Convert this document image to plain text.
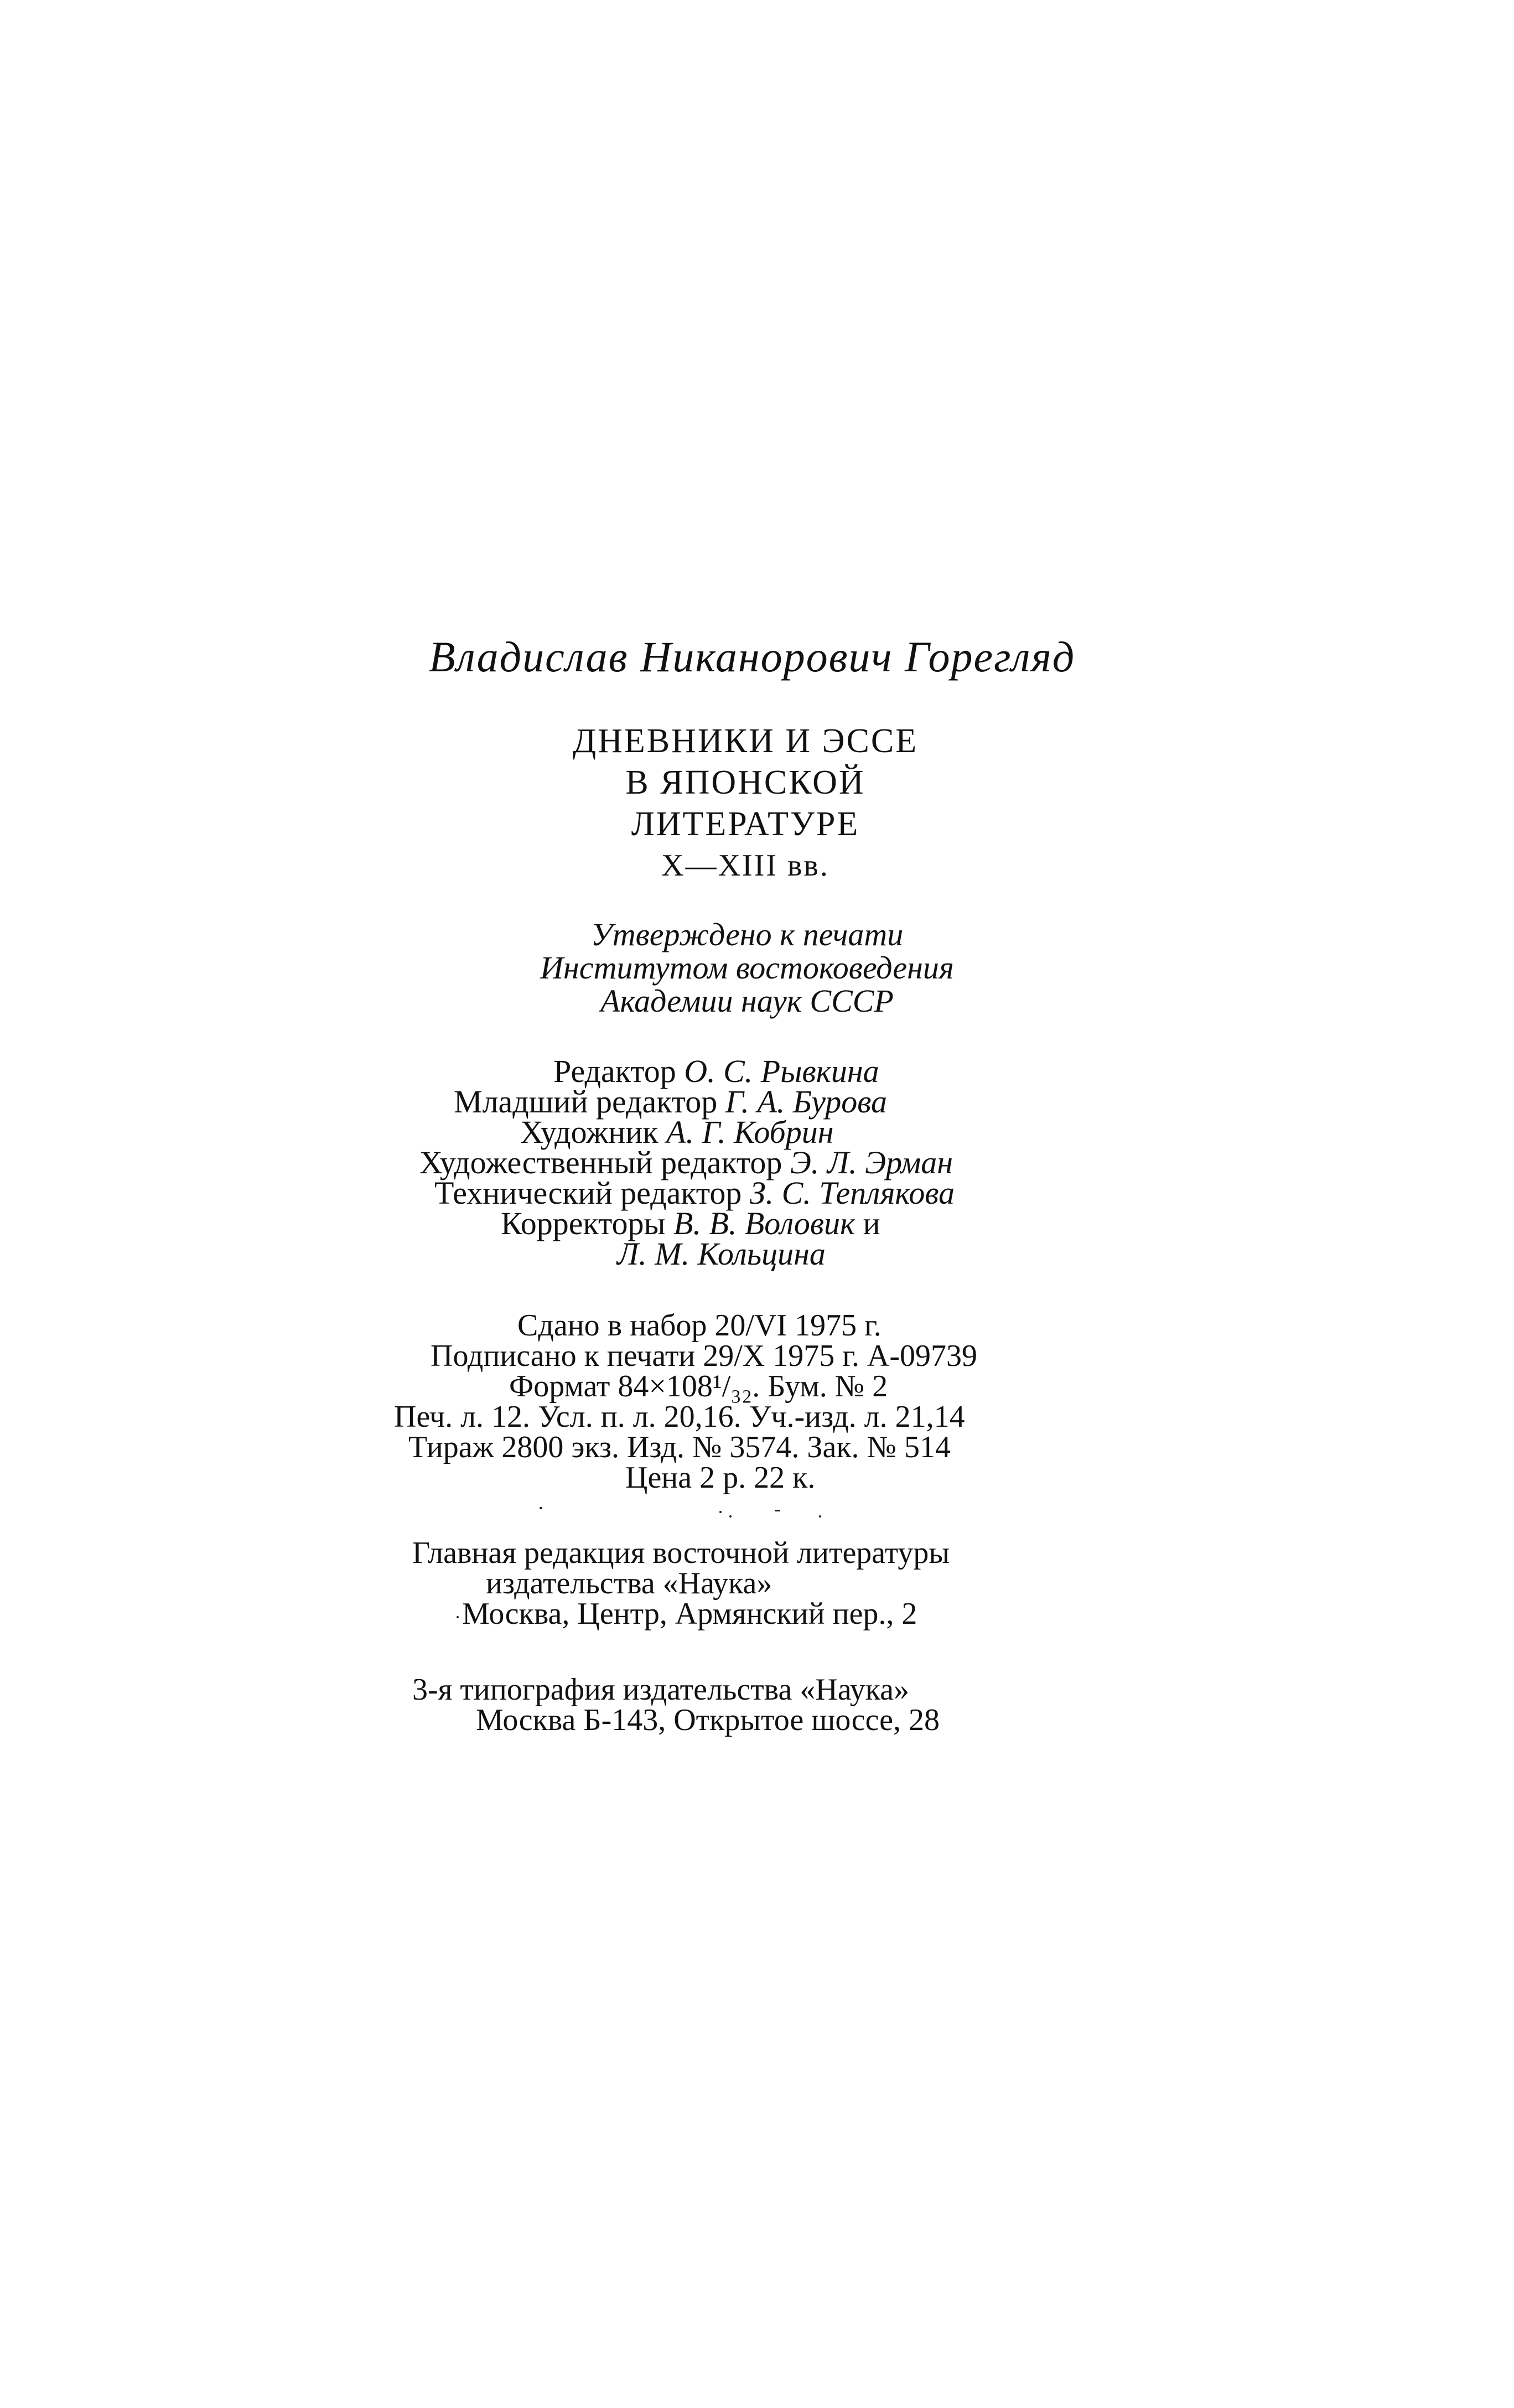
Владислав Никанорович Горегляд
ДНЕВНИКИ И ЭССЕ
В ЯПОНСКОЙ
ЛИТЕРАТУРЕ
X—XIII вв.
Утверждено к печати
Институтом востоковедения
Академии наук СССР
Редактор О. С. Рывкина
Младший редактор Г. А. Бурова
Художник А. Г. Кобрин
Художественный редактор Э. Л. Эрман
Технический редактор З. С. Теплякова
Корректоры В. В. Воловик и
Л. М. Кольцина
Сдано в набор 20/VI 1975 г.
Подписано к печати 29/X 1975 г. А-09739
Формат 84×108¹/₃₂. Бум. № 2
Печ. л. 12. Усл. п. л. 20,16. Уч.-изд. л. 21,14
Тираж 2800 экз. Изд. № 3574. Зак. № 514
Цена 2 р. 22 к.
Главная редакция восточной литературы
издательства «Наука»
Москва, Центр, Армянский пер., 2
3-я типография издательства «Наука»
Москва Б-143, Открытое шоссе, 28
